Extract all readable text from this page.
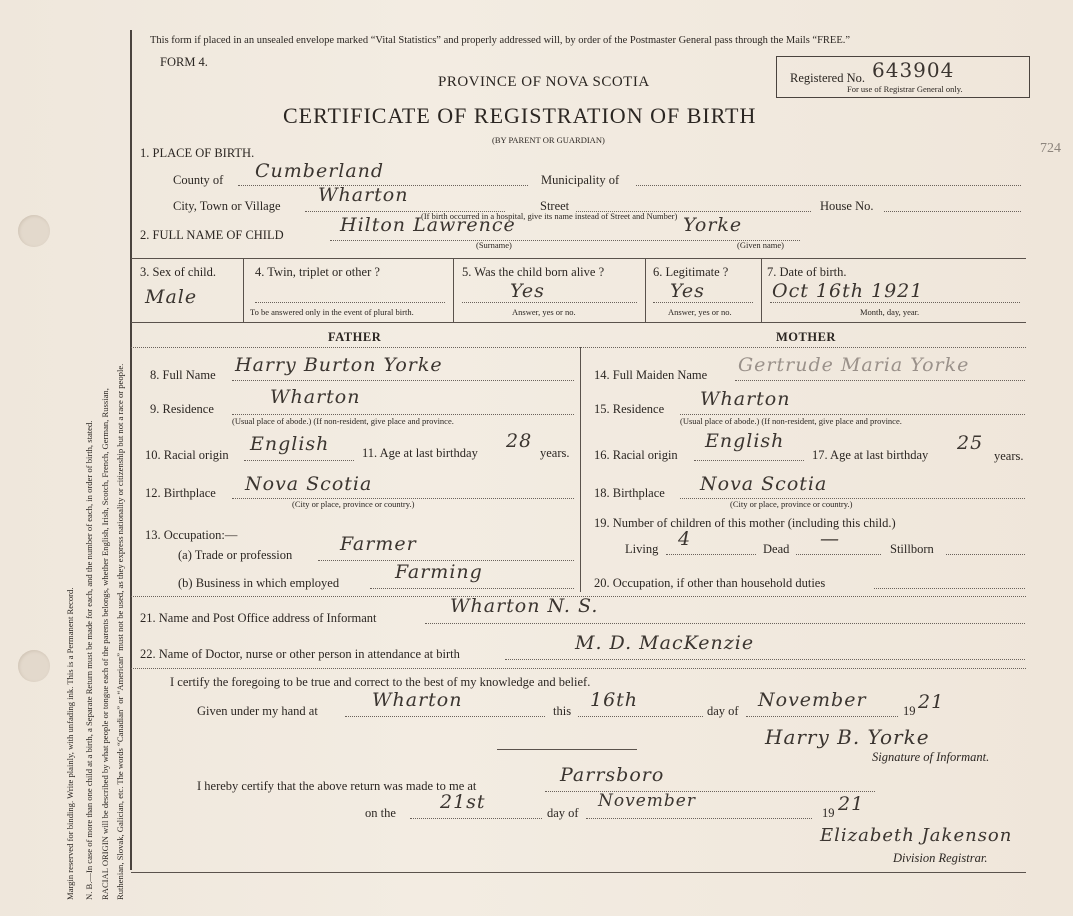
Margin reserved for binding. Write plainly, with unfading ink. This is a Permanent Record. N. B.—In case of more than one child at a birth, a Separate Return must be made for each, and the number of each, in order of birth, stated. RACIAL ORIGIN will be described by what people or tongue each of the parents belongs, whether English, Irish, Scotch, French, German, Russian, Ruthenian, Slovak, Galician, etc. The words “Canadian” or “American” must not be used, as they express nationality or citizenship but not a race or people.
This form if placed in an unsealed envelope marked “Vital Statistics” and properly addressed will, by order of the Postmaster General pass through the Mails “FREE.”
FORM 4.
PROVINCE OF NOVA SCOTIA
CERTIFICATE OF REGISTRATION OF BIRTH
(BY PARENT OR GUARDIAN)
Registered No. 643904
For use of Registrar General only.
724
1. PLACE OF BIRTH.
County of Cumberland	Municipality of
City, Town or Village Wharton	Street	House No.
(If birth occurred in a hospital, give its name instead of Street and Number)
2. FULL NAME OF CHILD	Hilton Lawrence	Yorke
(Surname)	(Given name)
3. Sex of child.
Male
4. Twin, triplet or other ?
To be answered only in the event of plural birth.
5. Was the child born alive ?
Yes
Answer, yes or no.
6. Legitimate ?
Yes
Answer, yes or no.
7. Date of birth.
Oct 16th 1921
Month, day, year.
FATHER	MOTHER
8. Full Name Harry Burton Yorke
9. Residence
Wharton
(Usual place of abode.) (If non-resident, give place and province.
10. Racial origin English	11. Age at last birthday
28
years.
12. Birthplace Nova Scotia
(City or place, province or country.)
13. Occupation:—
(a) Trade or profession	Farmer
(b) Business in which employed	Farming
14. Full Maiden Name Gertrude Maria Yorke
15. Residence Wharton
(Usual place of abode.) (If non-resident, give place and province.
16. Racial origin
English
17. Age at last birthday
25
years.
18. Birthplace Nova Scotia
(City or place, province or country.)
19. Number of children of this mother (including this child.)
Living 4	Dead —	Stillborn
20. Occupation, if other than household duties
21. Name and Post Office address of Informant
Wharton N. S.
22. Name of Doctor, nurse or other person in attendance at birth	M. D. MacKenzie
I certify the foregoing to be true and correct to the best of my knowledge and belief.
Given under my hand at	Wharton	this 16th	day of November	19 21
Harry B. Yorke
Signature of Informant.
I hereby certify that the above return was made to me at	Parrsboro
on the 21st	day of
November
19 21
Elizabeth Jakenson
Division Registrar.
